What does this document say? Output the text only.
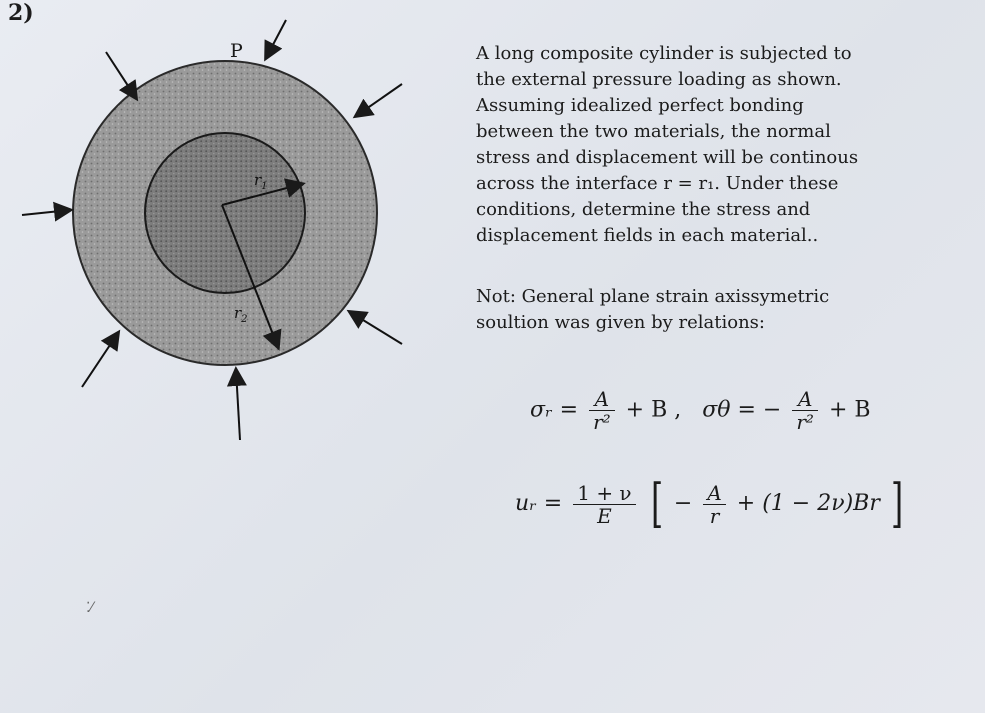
2)
$r_1$
$r_2$
P	A long composite cylinder is subjected to
the external pressure loading as shown.
Assuming idealized perfect bonding
between the two materials, the normal
stress and displacement will be continous
across the interface r = r₁. Under these
conditions, determine the stress and
displacement fields in each material..
Not: General plane strain axissymetric
soultion was given by relations:
σᵣ = $\frac{A}{\text{r²}} + B$ , σθ = − $\frac{A}{\text{r²}} + B$
uᵣ = $\frac{1 + \nu}{E}$ [ − $\frac{A}{r} + (1 - 2\nu)Br$ ]
⁚⁄
